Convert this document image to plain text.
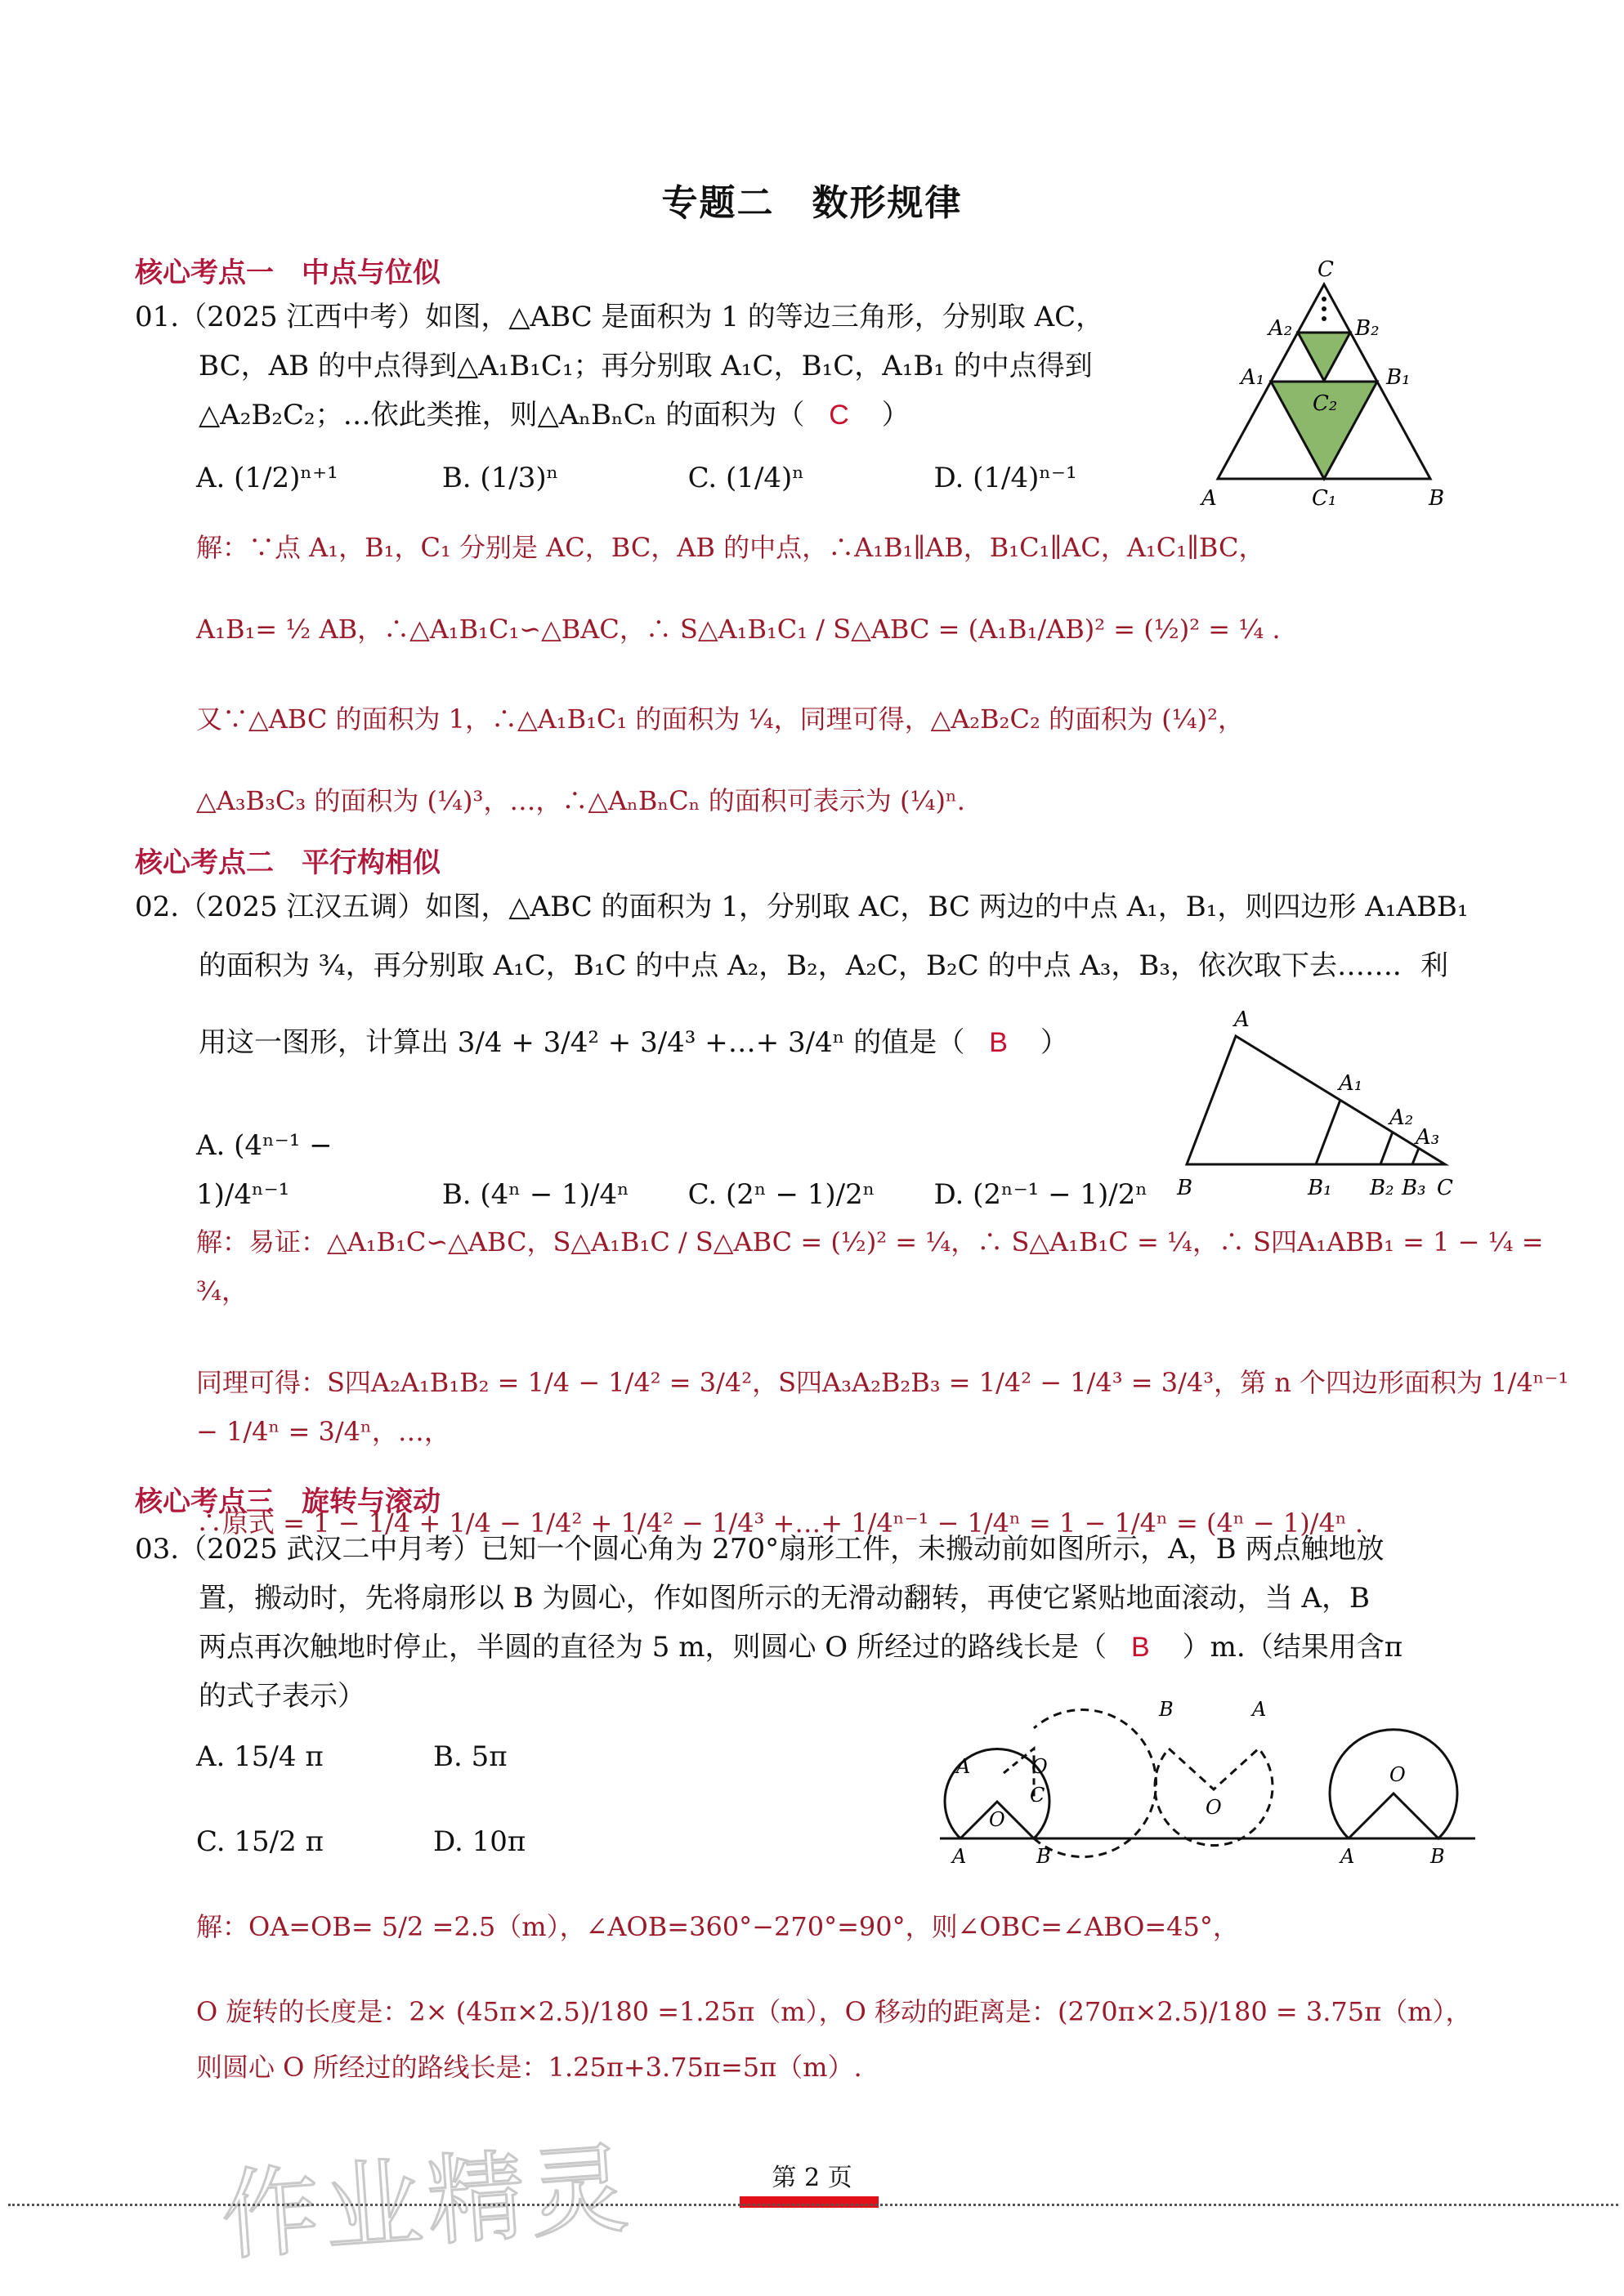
专题二　数形规律
核心考点一　中点与位似
01.（2025 江西中考）如图，△ABC 是面积为 1 的等边三角形，分别取 AC，
BC，AB 的中点得到△A₁B₁C₁；再分别取 A₁C，B₁C，A₁B₁ 的中点得到
△A₂B₂C₂；…依此类推，则△AₙBₙCₙ 的面积为（ C ）
A. (1/2)ⁿ⁺¹	B. (1/3)ⁿ	C. (1/4)ⁿ	D. (1/4)ⁿ⁻¹
C
A₂	B₂
A₁	B₁
C₂
A	C₁	B
解：∵点 A₁，B₁，C₁ 分别是 AC，BC，AB 的中点，∴A₁B₁∥AB，B₁C₁∥AC，A₁C₁∥BC，
A₁B₁= ½ AB，∴△A₁B₁C₁∽△BAC，∴ S△A₁B₁C₁ / S△ABC = (A₁B₁/AB)² = (½)² = ¼ .
又∵△ABC 的面积为 1，∴△A₁B₁C₁ 的面积为 ¼，同理可得，△A₂B₂C₂ 的面积为 (¼)²，
△A₃B₃C₃ 的面积为 (¼)³，…，∴△AₙBₙCₙ 的面积可表示为 (¼)ⁿ.
核心考点二　平行构相似
02.（2025 江汉五调）如图，△ABC 的面积为 1，分别取 AC，BC 两边的中点 A₁，B₁，则四边形 A₁ABB₁
的面积为 ¾，再分别取 A₁C，B₁C 的中点 A₂，B₂，A₂C，B₂C 的中点 A₃，B₃，依次取下去……．利
用这一图形，计算出 3/4 + 3/4² + 3/4³ +…+ 3/4ⁿ 的值是（ B ）
A. (4ⁿ⁻¹ − 1)/4ⁿ⁻¹	B. (4ⁿ − 1)/4ⁿ C. (2ⁿ − 1)/2ⁿ D. (2ⁿ⁻¹ − 1)/2ⁿ
A
A₁
A₂
A₃
B	B₁ B₂ B₃ C
解：易证：△A₁B₁C∽△ABC，S△A₁B₁C / S△ABC = (½)² = ¼，∴ S△A₁B₁C = ¼，∴ S四A₁ABB₁ = 1 − ¼ = ¾，
同理可得：S四A₂A₁B₁B₂ = 1/4 − 1/4² = 3/4²，S四A₃A₂B₂B₃ = 1/4² − 1/4³ = 3/4³，第 n 个四边形面积为 1/4ⁿ⁻¹ − 1/4ⁿ = 3/4ⁿ，…，
∴原式 = 1 − 1/4 + 1/4 − 1/4² + 1/4² − 1/4³ +…+ 1/4ⁿ⁻¹ − 1/4ⁿ = 1 − 1/4ⁿ = (4ⁿ − 1)/4ⁿ .
核心考点三　旋转与滚动
03.（2025 武汉二中月考）已知一个圆心角为 270°扇形工件，未搬动前如图所示，A，B 两点触地放
置，搬动时，先将扇形以 B 为圆心，作如图所示的无滑动翻转，再使它紧贴地面滚动，当 A，B
两点再次触地时停止，半圆的直径为 5 m，则圆心 O 所经过的路线长是（ B ）m.（结果用含π
的式子表示）
A. 15/4 π	B. 5π
C. 15/2 π	D. 10π	A	B
A
O
O
C
B	A
O
O
A	B
解：OA=OB= 5/2 =2.5（m），∠AOB=360°−270°=90°，则∠OBC=∠ABO=45°，
O 旋转的长度是：2× (45π×2.5)/180 =1.25π（m），O 移动的距离是：(270π×2.5)/180 = 3.75π（m），
则圆心 O 所经过的路线长是：1.25π+3.75π=5π（m）.
作业精灵	第 2 页
